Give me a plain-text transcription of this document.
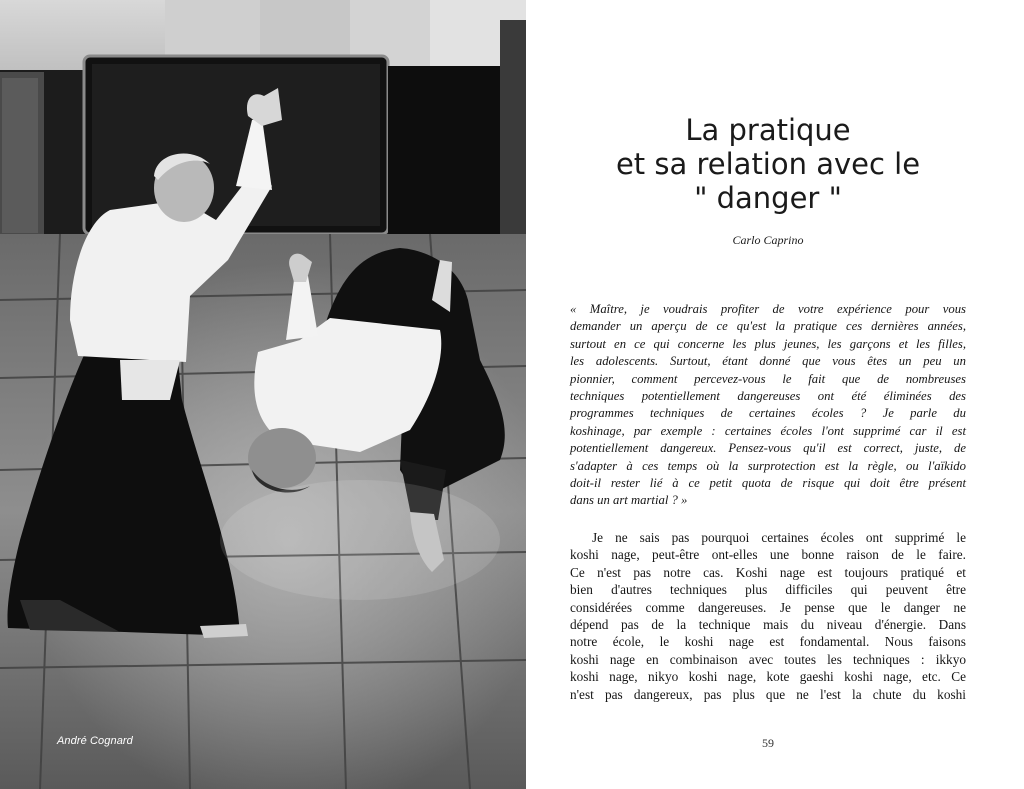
André Cognard
La pratique
et sa relation avec le
" danger "
Carlo Caprino
« Maître, je voudrais profiter de votre expérience pour vous
demander un aperçu de ce qu'est la pratique ces dernières années,
surtout en ce qui concerne les plus jeunes, les garçons et les filles,
les adolescents. Surtout, étant donné que vous êtes un peu un
pionnier, comment percevez-vous le fait que de nombreuses
techniques potentiellement dangereuses ont été éliminées des
programmes techniques de certaines écoles ? Je parle du
koshinage, par exemple : certaines écoles l'ont supprimé car il est
potentiellement dangereux. Pensez-vous qu'il est correct, juste, de
s'adapter à ces temps où la surprotection est la règle, ou l'aïkido
doit-il rester lié à ce petit quota de risque qui doit être présent
dans un art martial ? »
Je ne sais pas pourquoi certaines écoles ont supprimé le
koshi nage, peut-être ont-elles une bonne raison de le faire.
Ce n'est pas notre cas. Koshi nage est toujours pratiqué et
bien d'autres techniques plus difficiles qui peuvent être
considérées comme dangereuses. Je pense que le danger ne
dépend pas de la technique mais du niveau d'énergie. Dans
notre école, le koshi nage est fondamental. Nous faisons
koshi nage en combinaison avec toutes les techniques : ikkyo
koshi nage, nikyo koshi nage, kote gaeshi koshi nage, etc. Ce
n'est pas dangereux, pas plus que ne l'est la chute du koshi
59
